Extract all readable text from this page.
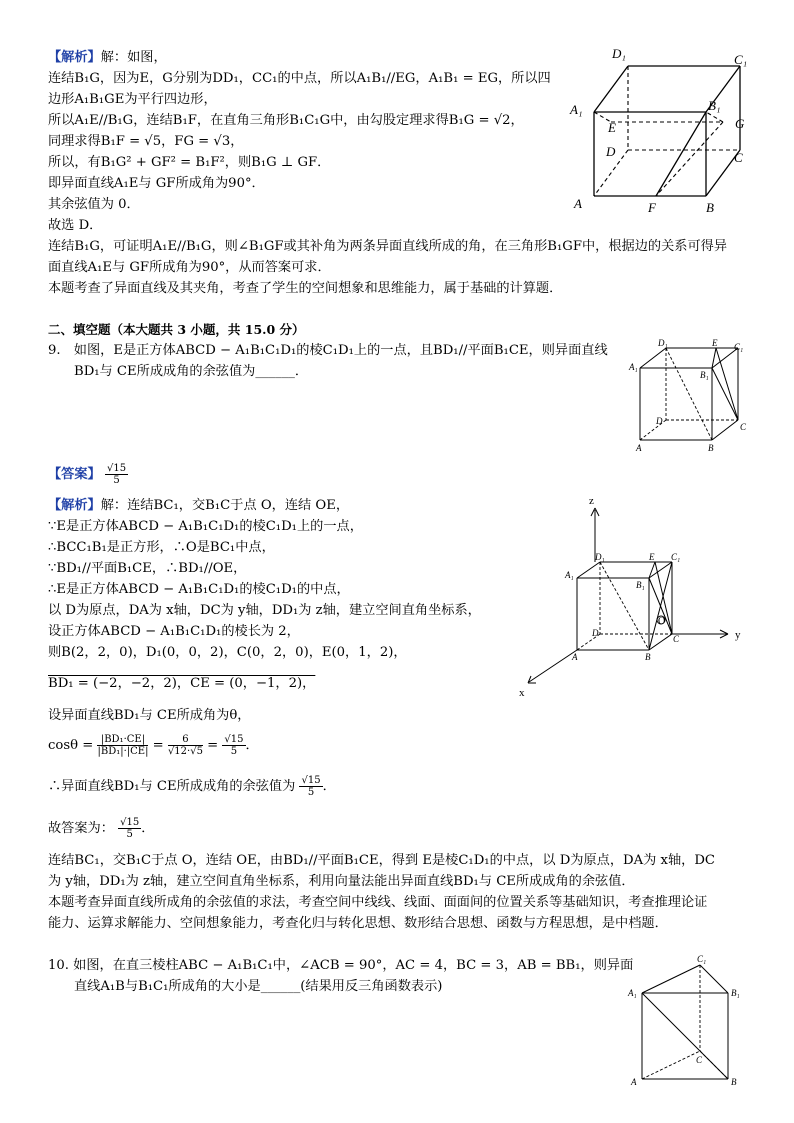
【解析】解：如图，
连结B₁G，因为E，G分别为DD₁，CC₁的中点，所以A₁B₁//EG，A₁B₁ = EG，所以四
边形A₁B₁GE为平行四边形，
所以A₁E//B₁G，连结B₁F，在直角三角形B₁C₁G中，由勾股定理求得B₁G = √2，
同理求得B₁F = √5，FG = √3，
所以，有B₁G² + GF² = B₁F²，则B₁G ⊥ GF．
即异面直线A₁E与 GF所成角为90°．
其余弦值为 0．
故选 D．
连结B₁G，可证明A₁E//B₁G，则∠B₁GF或其补角为两条异面直线所成的角，在三角形B₁GF中，根据边的关系可得异
面直线A₁E与 GF所成角为90°，从而答案可求．
本题考查了异面直线及其夹角，考查了学生的空间想象和思维能力，属于基础的计算题．
D₁	C₁
A₁	B₁
E	G
D	C
A	F	B
二、填空题（本大题共 3 小题，共 15.0 分）
9.　如图，E是正方体ABCD − A₁B₁C₁D₁的棱C₁D₁上的一点，且BD₁//平面B₁CE，则异面直线
BD₁与 CE所成成角的余弦值为______．
D₁	E C₁
A₁
B₁
D
A	B
C
【答案】 $\frac{√15}{5}$
【解析】解：连结BC₁，交B₁C于点 O，连结 OE，
∵E是正方体ABCD − A₁B₁C₁D₁的棱C₁D₁上的一点，
∴BCC₁B₁是正方形，∴O是BC₁中点，
∵BD₁//平面B₁CE，∴BD₁//OE，
∴E是正方体ABCD − A₁B₁C₁D₁的棱C₁D₁的中点，
以 D为原点，DA为 x轴，DC为 y轴，DD₁为 z轴，建立空间直角坐标系，
设正方体ABCD − A₁B₁C₁D₁的棱长为 2，
则B(2，2，0)，D₁(0，0，2)，C(0，2，0)，E(0，1，2)，
BD₁ = (−2，−2，2)，CE = (0，−1，2)，
设异面直线BD₁与 CE所成角为θ，
$\cos\theta = \frac{\text{|BD₁·CE|}}{\text{|BD₁|·|CE|}} = \frac{6}{√12\cdot√5} = \frac{√15}{5}$ ．
∴异面直线BD₁与 CE所成成角的余弦值为 $\frac{√15}{5}$ ．
故答案为： $\frac{√15}{5}$ ．
连结BC₁，交B₁C于点 O，连结 OE，由BD₁//平面B₁CE，得到 E是棱C₁D₁的中点，以 D为原点，DA为 x轴，DC
为 y轴，DD₁为 z轴，建立空间直角坐标系，利用向量法能出异面直线BD₁与 CE所成成角的余弦值．
本题考查异面直线所成角的余弦值的求法，考查空间中线线、线面、面面间的位置关系等基础知识，考查推理论证
能力、运算求解能力、空间想象能力，考查化归与转化思想、数形结合思想、函数与方程思想，是中档题．
z
y
x
D₁	E C₁
A₁
B₁
D
A	B
C
O
10. 如图，在直三棱柱ABC − A₁B₁C₁中，∠ACB = 90°，AC = 4，BC = 3，AB = BB₁，则异面
直线A₁B与B₁C₁所成角的大小是______(结果用反三角函数表示)
C₁
A₁	B₁
C
A	B
